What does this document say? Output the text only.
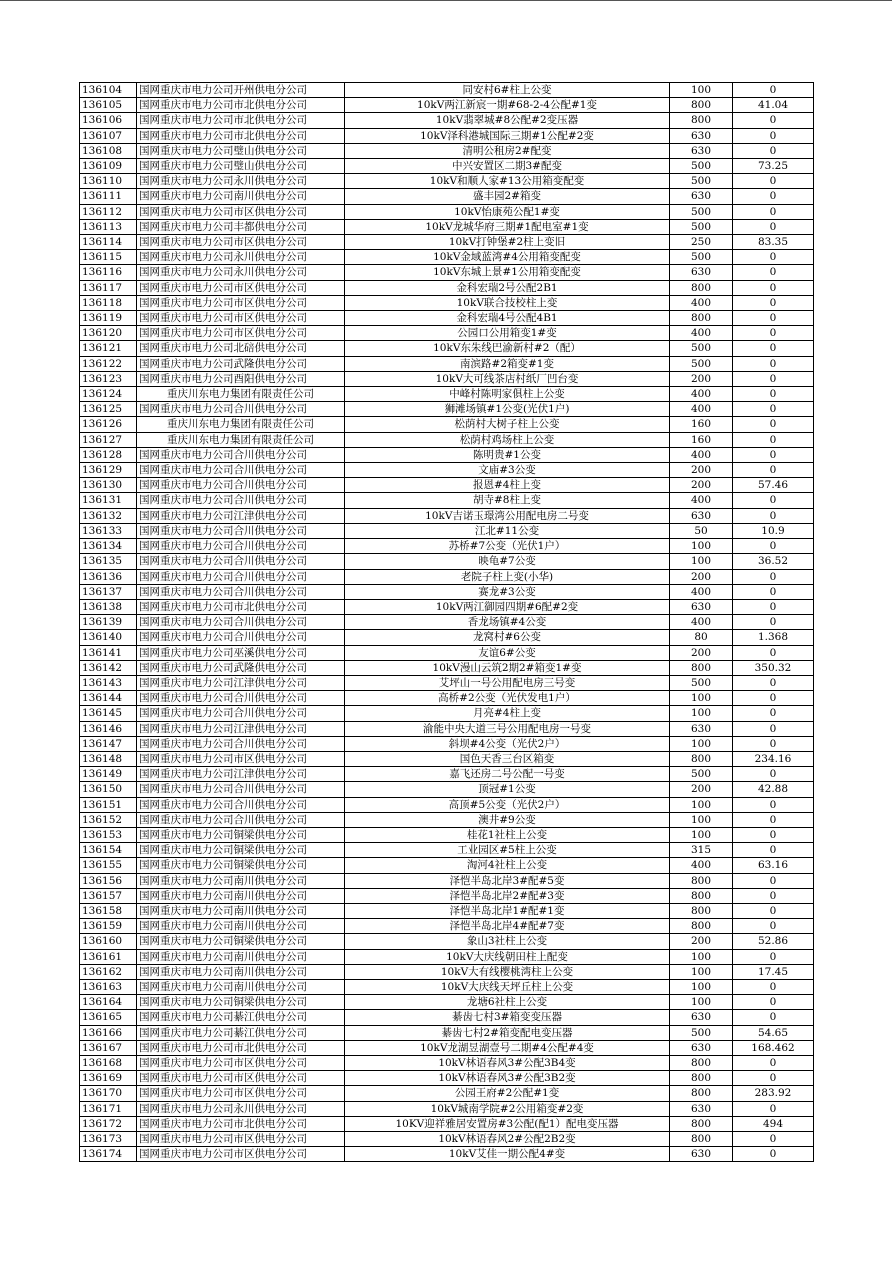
136104	国网重庆市电力公司开州供电分公司	同安村6#柱上公变	100	0
136105	国网重庆市电力公司市北供电分公司	10kV两江新宸一期#68-2-4公配#1变	800	41.04
136106	国网重庆市电力公司市北供电分公司	10kV翡翠城#8公配#2变压器	800	0
136107	国网重庆市电力公司市北供电分公司	10kV泽科港城国际三期#1公配#2变	630	0
136108	国网重庆市电力公司璧山供电分公司	清明公租房2#配变	630	0
136109	国网重庆市电力公司璧山供电分公司	中兴安置区二期3#配变	500	73.25
136110	国网重庆市电力公司永川供电分公司	10kV和顺人家#13公用箱变配变	500	0
136111	国网重庆市电力公司南川供电分公司	盛丰园2#箱变	630	0
136112	国网重庆市电力公司市区供电分公司	10kV怡康苑公配1#变	500	0
136113	国网重庆市电力公司丰都供电分公司	10kV龙城华府三期#1配电室#1变	500	0
136114	国网重庆市电力公司市区供电分公司	10kV打钟堡#2柱上变旧	250	83.35
136115	国网重庆市电力公司永川供电分公司	10kV金域蓝湾#4公用箱变配变	500	0
136116	国网重庆市电力公司永川供电分公司	10kV东城上景#1公用箱变配变	630	0
136117	国网重庆市电力公司市区供电分公司	金科宏瑞2号公配2B1	800	0
136118	国网重庆市电力公司市区供电分公司	10kV联合技校柱上变	400	0
136119	国网重庆市电力公司市区供电分公司	金科宏瑞4号公配4B1	800	0
136120	国网重庆市电力公司市区供电分公司	公园口公用箱变1#变	400	0
136121	国网重庆市电力公司北碚供电分公司	10kV东朱线巴渝新村#2（配）	500	0
136122	国网重庆市电力公司武隆供电分公司	南滨路#2箱变#1变	500	0
136123	国网重庆市电力公司酉阳供电分公司	10kV大可线茶店村纸厂凹台变	200	0
136124	重庆川东电力集团有限责任公司	中峰村陈明家俱柱上公变	400	0
136125	国网重庆市电力公司合川供电分公司	狮滩场镇#1公变(光伏1户)	400	0
136126	重庆川东电力集团有限责任公司	松荫村大树子柱上公变	160	0
136127	重庆川东电力集团有限责任公司	松荫村鸡场柱上公变	160	0
136128	国网重庆市电力公司合川供电分公司	陈明贵#1公变	400	0
136129	国网重庆市电力公司合川供电分公司	文庙#3公变	200	0
136130	国网重庆市电力公司合川供电分公司	报恩#4柱上变	200	57.46
136131	国网重庆市电力公司合川供电分公司	胡寺#8柱上变	400	0
136132	国网重庆市电力公司江津供电分公司	10kV吉诺玉璟湾公用配电房二号变	630	0
136133	国网重庆市电力公司合川供电分公司	江北#11公变	50	10.9
136134	国网重庆市电力公司合川供电分公司	苏桥#7公变（光伏1户）	100	0
136135	国网重庆市电力公司合川供电分公司	映龟#7公变	100	36.52
136136	国网重庆市电力公司合川供电分公司	老院子柱上变(小华)	200	0
136137	国网重庆市电力公司合川供电分公司	赛龙#3公变	400	0
136138	国网重庆市电力公司市北供电分公司	10kV两江御园四期#6配#2变	630	0
136139	国网重庆市电力公司合川供电分公司	香龙场镇#4公变	400	0
136140	国网重庆市电力公司合川供电分公司	龙窝村#6公变	80	1.368
136141	国网重庆市电力公司巫溪供电分公司	友谊6#公变	200	0
136142	国网重庆市电力公司武隆供电分公司	10kV漫山云筑2期2#箱变1#变	800	350.32
136143	国网重庆市电力公司江津供电分公司	艾坪山一号公用配电房三号变	500	0
136144	国网重庆市电力公司合川供电分公司	高桥#2公变（光伏发电1户）	100	0
136145	国网重庆市电力公司合川供电分公司	月亮#4柱上变	100	0
136146	国网重庆市电力公司江津供电分公司	渝能中央大道三号公用配电房一号变	630	0
136147	国网重庆市电力公司合川供电分公司	斜坝#4公变（光伏2户）	100	0
136148	国网重庆市电力公司市区供电分公司	国色天香三台区箱变	800	234.16
136149	国网重庆市电力公司江津供电分公司	嘉飞还房二号公配一号变	500	0
136150	国网重庆市电力公司合川供电分公司	顶冠#1公变	200	42.88
136151	国网重庆市电力公司合川供电分公司	高顶#5公变（光伏2户）	100	0
136152	国网重庆市电力公司合川供电分公司	澳井#9公变	100	0
136153	国网重庆市电力公司铜梁供电分公司	桂花1社柱上公变	100	0
136154	国网重庆市电力公司铜梁供电分公司	工业园区#5柱上公变	315	0
136155	国网重庆市电力公司铜梁供电分公司	淘河4社柱上公变	400	63.16
136156	国网重庆市电力公司南川供电分公司	泽恺半岛北岸3#配#5变	800	0
136157	国网重庆市电力公司南川供电分公司	泽恺半岛北岸2#配#3变	800	0
136158	国网重庆市电力公司南川供电分公司	泽恺半岛北岸1#配#1变	800	0
136159	国网重庆市电力公司南川供电分公司	泽恺半岛北岸4#配#7变	800	0
136160	国网重庆市电力公司铜梁供电分公司	象山3社柱上公变	200	52.86
136161	国网重庆市电力公司南川供电分公司	10kV大庆线朝田柱上配变	100	0
136162	国网重庆市电力公司南川供电分公司	10kV大有线樱桃湾柱上公变	100	17.45
136163	国网重庆市电力公司南川供电分公司	10kV大庆线天坪丘柱上公变	100	0
136164	国网重庆市电力公司铜梁供电分公司	龙塘6社柱上公变	100	0
136165	国网重庆市电力公司綦江供电分公司	綦齿七村3#箱变变压器	630	0
136166	国网重庆市电力公司綦江供电分公司	綦齿七村2#箱变配电变压器	500	54.65
136167	国网重庆市电力公司市北供电分公司	10kV龙湖昱湖壹号二期#4公配#4变	630	168.462
136168	国网重庆市电力公司市区供电分公司	10kV林语春风3#公配3B4变	800	0
136169	国网重庆市电力公司市区供电分公司	10kV林语春风3#公配3B2变	800	0
136170	国网重庆市电力公司市区供电分公司	公园王府#2公配#1变	800	283.92
136171	国网重庆市电力公司永川供电分公司	10kV城南学院#2公用箱变#2变	630	0
136172	国网重庆市电力公司市北供电分公司	10KV迎祥雅居安置房#3公配(配1）配电变压器	800	494
136173	国网重庆市电力公司市区供电分公司	10kV林语春风2#公配2B2变	800	0
136174	国网重庆市电力公司市区供电分公司	10kV艾佳一期公配4#变	630	0
